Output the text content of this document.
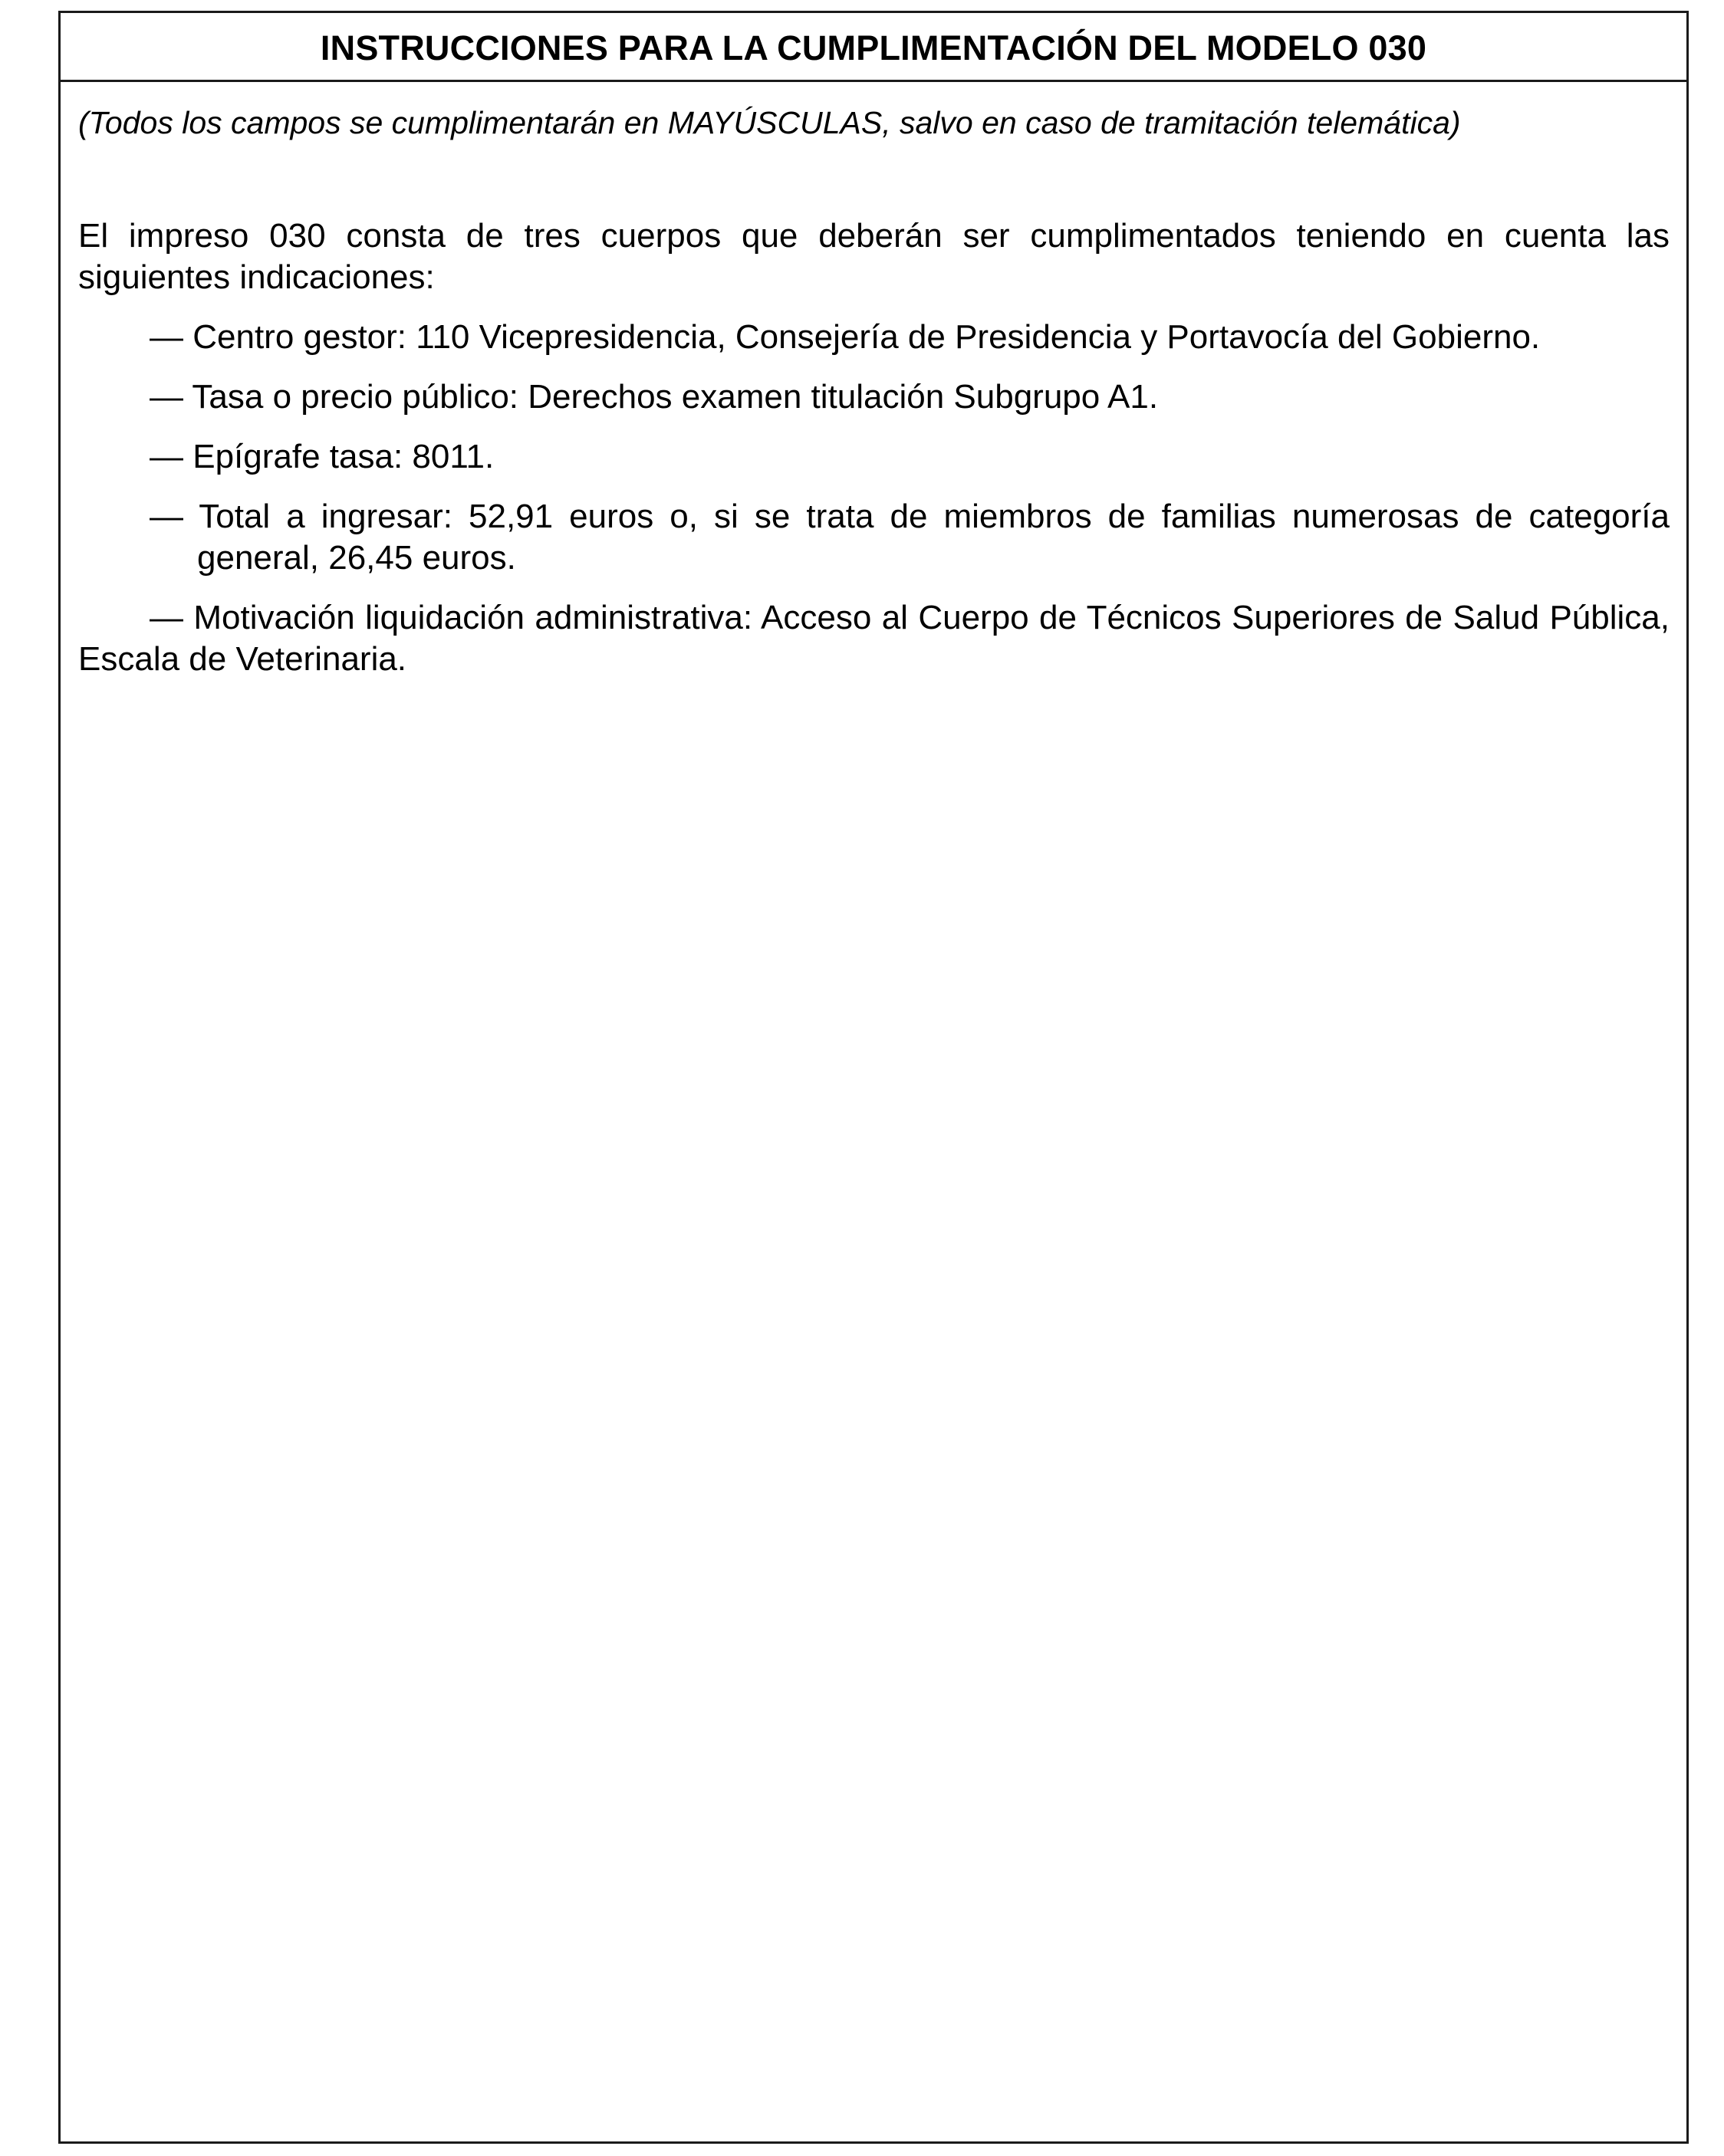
INSTRUCCIONES PARA LA CUMPLIMENTACIÓN DEL MODELO 030

(Todos los campos se cumplimentarán en MAYÚSCULAS, salvo en caso de tramitación telemática)

El impreso 030 consta de tres cuerpos que deberán ser cumplimentados teniendo en cuenta las siguientes indicaciones:

— Centro gestor: 110 Vicepresidencia, Consejería de Presidencia y Portavocía del Gobierno.
— Tasa o precio público: Derechos examen titulación Subgrupo A1.
— Epígrafe tasa: 8011.
— Total a ingresar: 52,91 euros o, si se trata de miembros de familias numerosas de categoría general, 26,45 euros.
— Motivación liquidación administrativa: Acceso al Cuerpo de Técnicos Superiores de Salud Pública, Escala de Veterinaria.
